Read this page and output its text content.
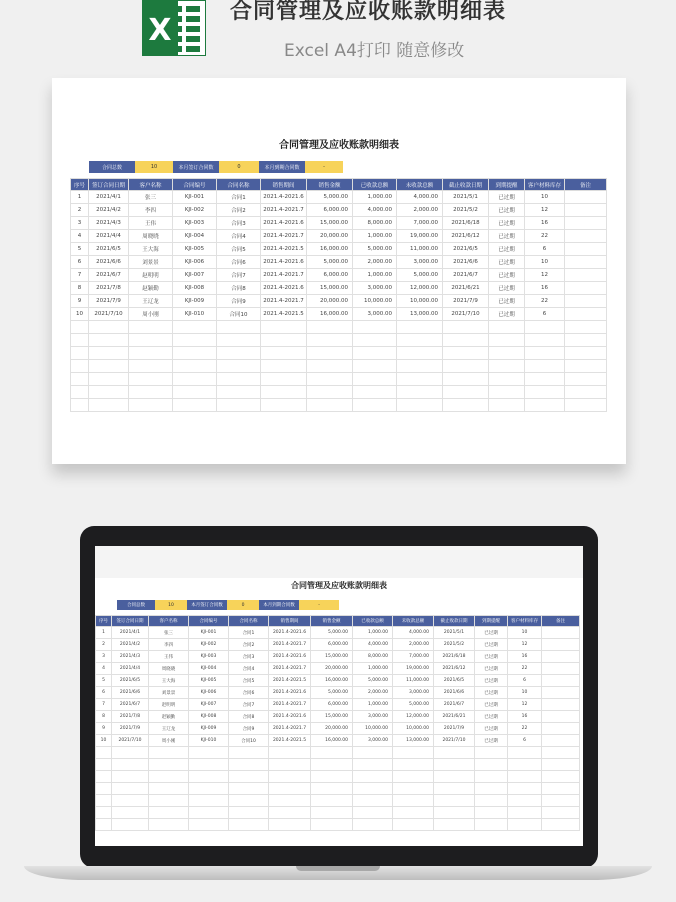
X
合同管理及应收账款明细表
Excel A4打印 随意修改
合同管理及应收账款明细表
合同总数	10	本月签订合同数	0	本月到期合同数	-
序号	签订合同日期	客户名称	合同编号	合同名称	销售期间	销售金额	已收款总额	未收款总额	截止收款日期	到期提醒	客户材料库存	备注
1	2021/4/1	张三	KJI-001	合同1	2021.4-2021.6	5,000.00	1,000.00	4,000.00	2021/5/1	已过期	10	
2	2021/4/2	李四	KJI-002	合同2	2021.4-2021.7	6,000.00	4,000.00	2,000.00	2021/5/2	已过期	12	
3	2021/4/3	王伟	KJI-003	合同3	2021.4-2021.6	15,000.00	8,000.00	7,000.00	2021/6/18	已过期	16	
4	2021/4/4	周晓晓	KJI-004	合同4	2021.4-2021.7	20,000.00	1,000.00	19,000.00	2021/6/12	已过期	22	
5	2021/6/5	王大海	KJI-005	合同5	2021.4-2021.5	16,000.00	5,000.00	11,000.00	2021/6/5	已过期	6	
6	2021/6/6	刘景景	KJI-006	合同6	2021.4-2021.6	5,000.00	2,000.00	3,000.00	2021/6/6	已过期	10	
7	2021/6/7	赵明明	KJI-007	合同7	2021.4-2021.7	6,000.00	1,000.00	5,000.00	2021/6/7	已过期	12	
8	2021/7/8	赵颖勤	KJI-008	合同8	2021.4-2021.6	15,000.00	3,000.00	12,000.00	2021/6/21	已过期	16	
9	2021/7/9	王辽龙	KJI-009	合同9	2021.4-2021.7	20,000.00	10,000.00	10,000.00	2021/7/9	已过期	22	
10	2021/7/10	周小刚	KJI-010	合同10	2021.4-2021.5	16,000.00	3,000.00	13,000.00	2021/7/10	已过期	6	

合同管理及应收账款明细表
合同总数	10	本月签订合同数	0	本月到期合同数	-
序号	签订合同日期	客户名称	合同编号	合同名称	销售期间	销售金额	已收款总额	未收款总额	截止收款日期	到期提醒	客户材料库存	备注
1	2021/4/1	张三	KJI-001	合同1	2021.4-2021.6	5,000.00	1,000.00	4,000.00	2021/5/1	已过期	10	
2	2021/4/2	李四	KJI-002	合同2	2021.4-2021.7	6,000.00	4,000.00	2,000.00	2021/5/2	已过期	12	
3	2021/4/3	王伟	KJI-003	合同3	2021.4-2021.6	15,000.00	8,000.00	7,000.00	2021/6/18	已过期	16	
4	2021/4/4	周晓晓	KJI-004	合同4	2021.4-2021.7	20,000.00	1,000.00	19,000.00	2021/6/12	已过期	22	
5	2021/6/5	王大海	KJI-005	合同5	2021.4-2021.5	16,000.00	5,000.00	11,000.00	2021/6/5	已过期	6	
6	2021/6/6	刘景景	KJI-006	合同6	2021.4-2021.6	5,000.00	2,000.00	3,000.00	2021/6/6	已过期	10	
7	2021/6/7	赵明明	KJI-007	合同7	2021.4-2021.7	6,000.00	1,000.00	5,000.00	2021/6/7	已过期	12	
8	2021/7/8	赵颖勤	KJI-008	合同8	2021.4-2021.6	15,000.00	3,000.00	12,000.00	2021/6/21	已过期	16	
9	2021/7/9	王辽龙	KJI-009	合同9	2021.4-2021.7	20,000.00	10,000.00	10,000.00	2021/7/9	已过期	22	
10	2021/7/10	周小刚	KJI-010	合同10	2021.4-2021.5	16,000.00	3,000.00	13,000.00	2021/7/10	已过期	6	
